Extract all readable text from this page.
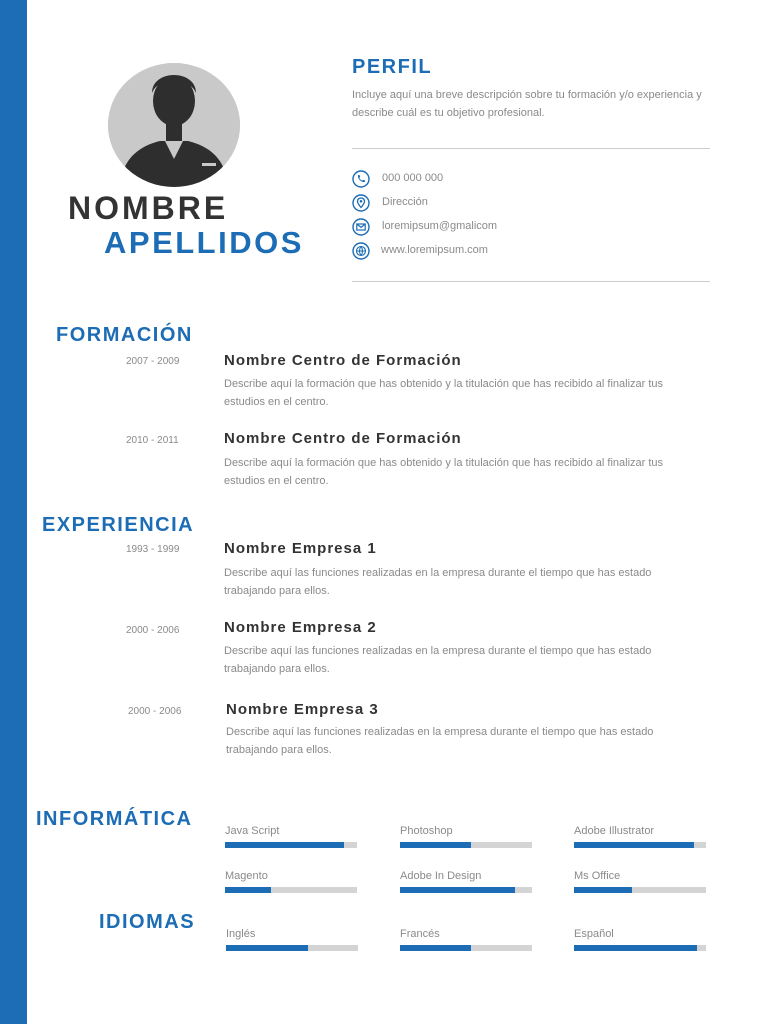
NOMBRE
APELLIDOS
PERFIL

Incluye aquí una breve descripción sobre tu formación y/o experiencia y describe cuál es tu objetivo profesional.

000 000 000
Dirección
loremipsum@gmalicom
www.loremipsum.com
FORMACIÓN
2007 - 2009	Nombre Centro de Formación

Describe aquí la formación que has obtenido y la titulación que has recibido al finalizar tus estudios en el centro.

2010 - 2011	Nombre Centro de Formación

Describe aquí la formación que has obtenido y la titulación que has recibido al finalizar tus estudios en el centro.

EXPERIENCIA
1993 - 1999	Nombre Empresa 1

Describe aquí las funciones realizadas en la empresa durante el tiempo que has estado trabajando para ellos.

2000 - 2006	Nombre Empresa 2

Describe aquí las funciones realizadas en la empresa durante el tiempo que has estado trabajando para ellos.

2000 - 2006	Nombre Empresa 3

Describe aquí las funciones realizadas en la empresa durante el tiempo que has estado trabajando para ellos.

INFORMÁTICA
Java Script	Photoshop	Adobe Illustrator
Magento	Adobe In Design	Ms Office
IDIOMAS
Inglés	Francés	Español
